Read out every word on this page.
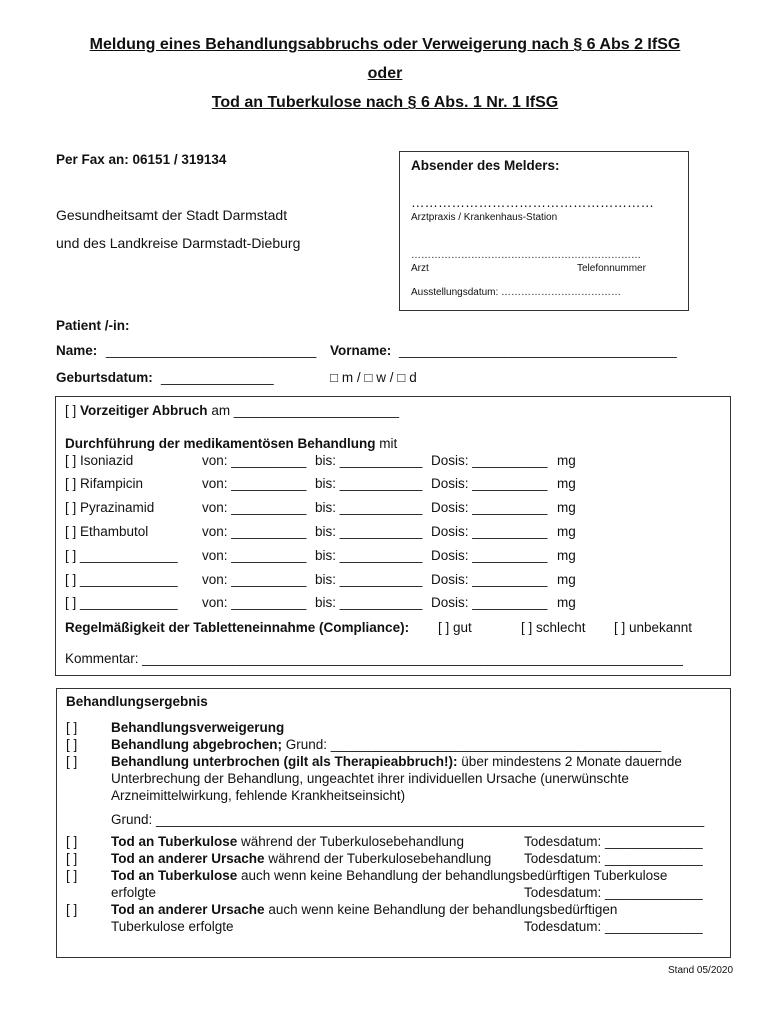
Meldung eines Behandlungsabbruchs oder Verweigerung nach § 6 Abs 2 IfSG
oder
Tod an Tuberkulose nach § 6 Abs. 1 Nr. 1 IfSG
Per Fax an: 06151 / 319134
Gesundheitsamt der Stadt Darmstadt
und des Landkreise Darmstadt-Dieburg
Absender des Melders:
………………………………………………
Arztpraxis / Krankenhaus-Station
……………………………………………………………
Arzt	Telefonnummer
Ausstellungsdatum: ………………………………
Patient /-in:
Name: ____________________________ Vorname: _____________________________________
Geburtsdatum: _______________	□ m / □ w / □ d
[ ] Vorzeitiger Abbruch am ______________________
Durchführung der medikamentösen Behandlung mit
[ ] Isoniazid	von: __________ bis: ___________ Dosis: __________ mg
[ ] Rifampicin	von: __________ bis: ___________ Dosis: __________ mg
[ ] Pyrazinamid	von: __________ bis: ___________ Dosis: __________ mg
[ ] Ethambutol	von: __________ bis: ___________ Dosis: __________ mg
[ ] _____________ von: __________ bis: ___________ Dosis: __________ mg
[ ] _____________ von: __________ bis: ___________ Dosis: __________ mg
[ ] _____________ von: __________ bis: ___________ Dosis: __________ mg
Regelmäßigkeit der Tabletteneinnahme (Compliance): [ ] gut	[ ] schlecht [ ] unbekannt
Kommentar: ________________________________________________________________________
Behandlungsergebnis
[ ] Behandlungsverweigerung
[ ] Behandlung abgebrochen; Grund: ____________________________________________
[ ] Behandlung unterbrochen (gilt als Therapieabbruch!): über mindestens 2 Monate dauernde
Unterbrechung der Behandlung, ungeachtet ihrer individuellen Ursache (unerwünschte
Arzneimittelwirkung, fehlende Krankheitseinsicht)
Grund: _________________________________________________________________________
[ ] Tod an Tuberkulose während der Tuberkulosebehandlung	Todesdatum: _____________
[ ] Tod an anderer Ursache während der Tuberkulosebehandlung Todesdatum: _____________
[ ] Tod an Tuberkulose auch wenn keine Behandlung der behandlungsbedürftigen Tuberkulose
erfolgte	Todesdatum: _____________
[ ] Tod an anderer Ursache auch wenn keine Behandlung der behandlungsbedürftigen
Tuberkulose erfolgte	Todesdatum: _____________
Stand 05/2020
